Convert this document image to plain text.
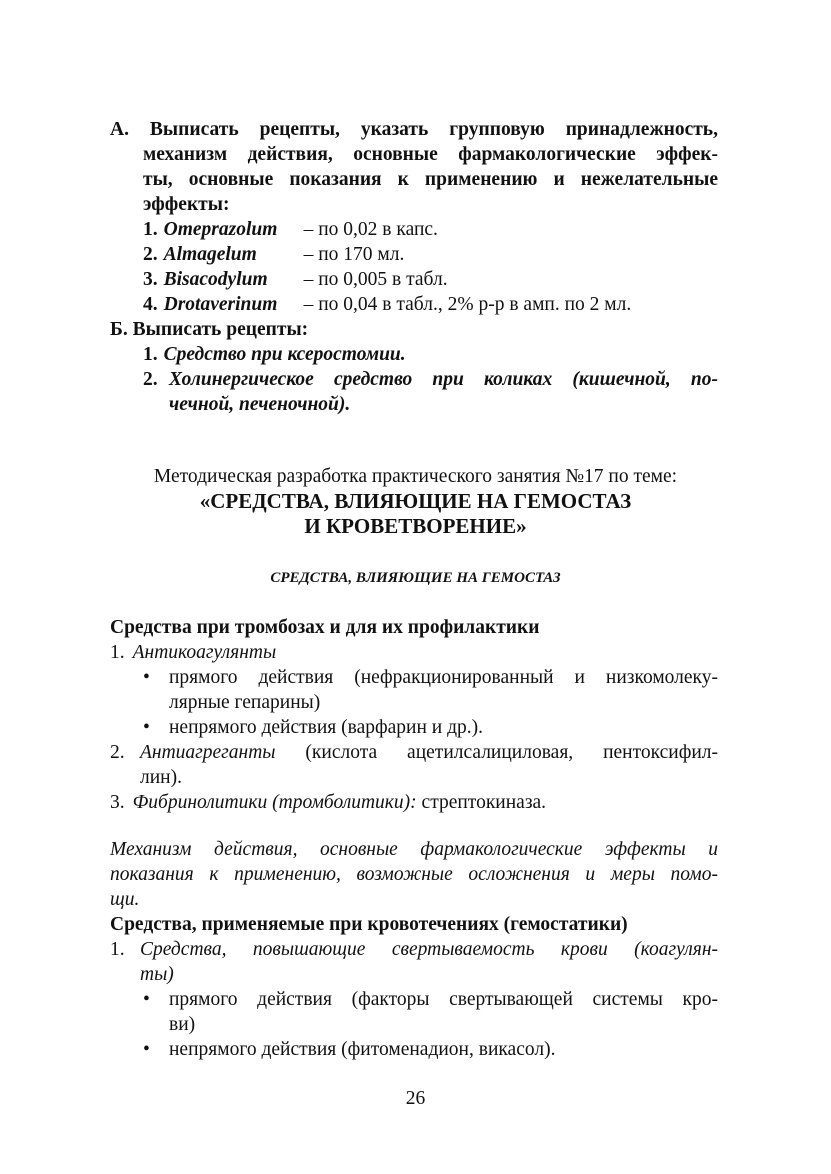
А. Выписать рецепты, указать групповую принадлежность,
механизм действия, основные фармакологические эффек-
ты, основные показания к применению и нежелательные
эффекты:
1. Omeprazolum – по 0,02 в капс.
2. Almagelum – по 170 мл.
3. Bisacodylum – по 0,005 в табл.
4. Drotaverinum – по 0,04 в табл., 2% р-р в амп. по 2 мл.
Б. Выписать рецепты:
1. Средство при ксеростомии.
2. Холинергическое средство при коликах (кишечной, по-
чечной, печеночной).
Методическая разработка практического занятия №17 по теме:
«СРЕДСТВА, ВЛИЯЮЩИЕ НА ГЕМОСТАЗ
И КРОВЕТВОРЕНИЕ»
СРЕДСТВА, ВЛИЯЮЩИЕ НА ГЕМОСТАЗ
Средства при тромбозах и для их профилактики
1. Антикоагулянты
• прямого действия (нефракционированный и низкомолеку-
лярные гепарины)
• непрямого действия (варфарин и др.).
2. Антиагреганты (кислота ацетилсалициловая, пентоксифил-
лин).
3. Фибринолитики (тромболитики): стрептокиназа.
Механизм действия, основные фармакологические эффекты и
показания к применению, возможные осложнения и меры помо-
щи.
Средства, применяемые при кровотечениях (гемостатики)
1. Средства, повышающие свертываемость крови (коагулян-
ты)
• прямого действия (факторы свертывающей системы кро-
ви)
• непрямого действия (фитоменадион, викасол).
26
